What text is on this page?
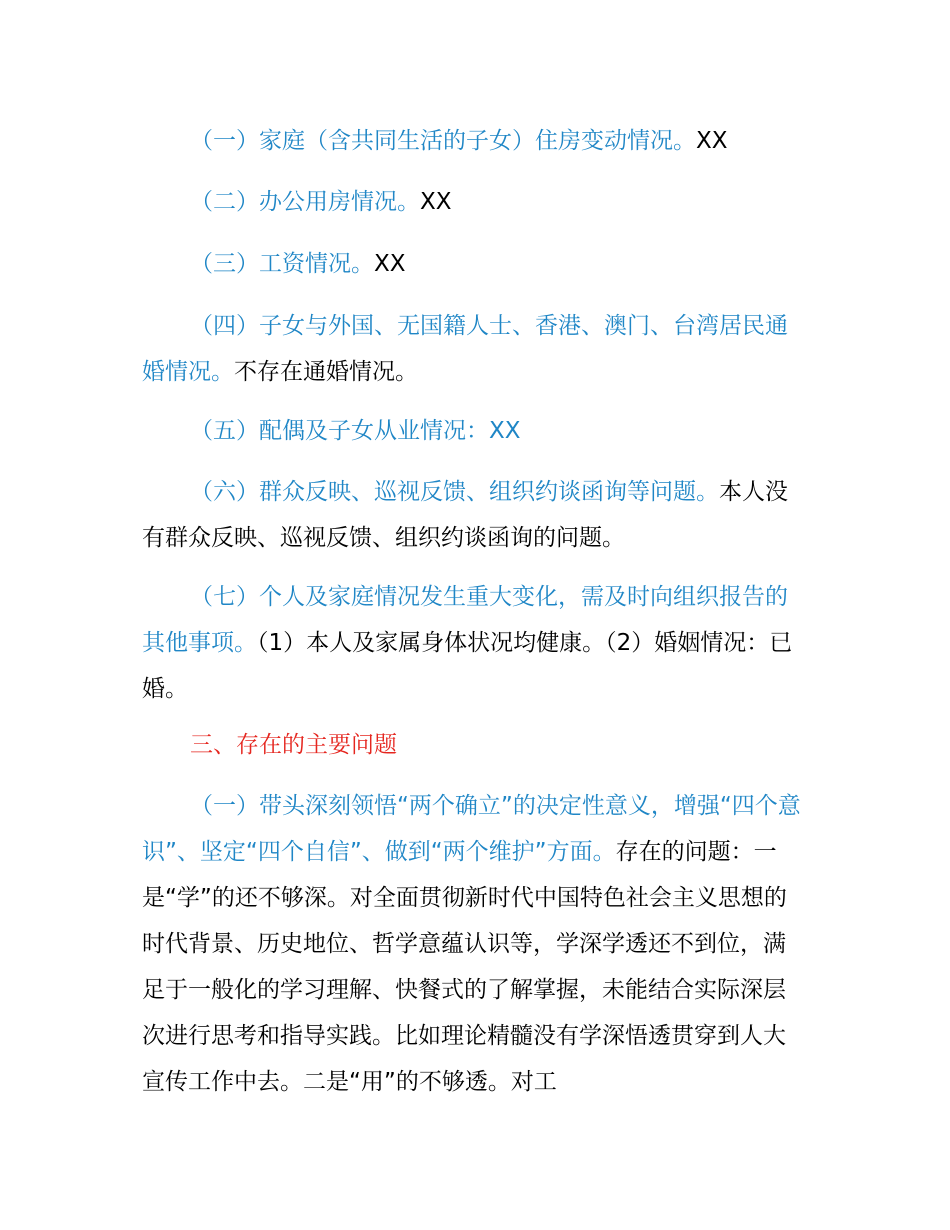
（一）家庭（含共同生活的子女）住房变动情况。XX

（二）办公用房情况。XX

（三）工资情况。XX

（四）子女与外国、无国籍人士、香港、澳门、台湾居民通婚情况。不存在通婚情况。

（五）配偶及子女从业情况：XX

（六）群众反映、巡视反馈、组织约谈函询等问题。本人没有群众反映、巡视反馈、组织约谈函询的问题。

（七）个人及家庭情况发生重大变化，需及时向组织报告的其他事项。（1）本人及家属身体状况均健康。（2）婚姻情况：已婚。

三、存在的主要问题

（一）带头深刻领悟“两个确立”的决定性意义，增强“四个意识”、坚定“四个自信”、做到“两个维护”方面。存在的问题：一是“学”的还不够深。对全面贯彻新时代中国特色社会主义思想的时代背景、历史地位、哲学意蕴认识等，学深学透还不到位，满足于一般化的学习理解、快餐式的了解掌握，未能结合实际深层次进行思考和指导实践。比如理论精髓没有学深悟透贯穿到人大宣传工作中去。二是“用”的不够透。对工
